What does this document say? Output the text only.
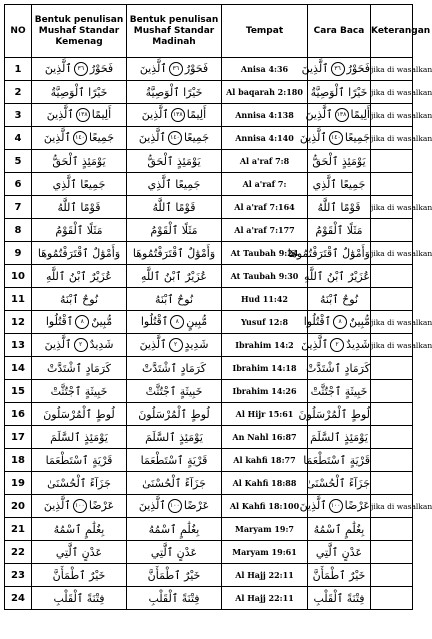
NO	Bentuk penulisan Mushaf Standar Kemenag	Bentuk penulisan Mushaf Standar Madinah	Tempat	Cara Baca	Keterangan
1	فَحَوْرُ٣٦ٱلَّذِينَ	فَحَوْرُ٣٦ٱلَّذِينَ	Anisa 4:36	فَحَوْرُ٣٦ٱلَّذِينَ	jika di wasalkan
2	خَيْرًا ٱلْوَصِيَّةُ	خَيْرًا ٱلْوَصِيَّةُ	Al baqarah 2:180	خَيْرًا ٱلْوَصِيَّةُ	jika di wasalkan
3	أَلِيمًا١٣٨ٱلَّذِينَ	أَلِيمًا١٣٨ٱلَّذِينَ	Annisa 4:138	أَلِيمًا١٣٨ٱلَّذِينَ	jika di wasalkan
4	جَمِيعًا١٤٠ٱلَّذِينَ	جَمِيعًا١٤٠ٱلَّذِينَ	Annisa 4:140	جَمِيعًا١٤٠ٱلَّذِينَ	jika di wasalkan
5	يَوْمَئِذٍ ٱلْحَقُّ	يَوْمَئِذٍ ٱلْحَقُّ	Al a'raf 7:8	يَوْمَئِذٍ ٱلْحَقُّ	
6	جَمِيعًا ٱلَّذِي	جَمِيعًا ٱلَّذِي	Al a'raf 7:	جَمِيعًا ٱلَّذِي	
7	قَوْمًا ٱللَّهُ	قَوْمًا ٱللَّهُ	Al a'raf 7:164	قَوْمًا ٱللَّهُ	jika di wasalkan
8	مَثَلًا ٱلْقَوْمُ	مَثَلًا ٱلْقَوْمُ	Al a'raf 7:177	مَثَلًا ٱلْقَوْمُ	
9	وَأَمْوَٰلٌ ٱقْتَرَفْتُمُوهَا	وَأَمْوَٰلٌ ٱقْتَرَفْتُمُوهَا	At Taubah 9:24	وَأَمْوَٰلٌ ٱقْتَرَفْتُمُوهَا	jika di wasalkan
10	عُزَيْرٌ ٱبْنُ ٱللَّهِ	عُزَيْرٌ ٱبْنُ ٱللَّهِ	At Taubah 9:30	عُزَيْرٌ ٱبْنُ ٱللَّهِ	
11	نُوحٌ ٱبْنَهُ	نُوحٌ ٱبْنَهُ	Hud 11:42	نُوحٌ ٱبْنَهُ	
12	مُّبِينٌ٨ٱقْتُلُوا	مُّبِينٍ٨ٱقْتُلُوا	Yusuf 12:8	مُّبِينٌ٨ٱقْتُلُوا	jika di wasalkan
13	شَدِيدٌ٢ٱلَّذِينَ	شَدِيدٍ٢ٱلَّذِينَ	Ibrahim 14:2	شَدِيدٌ٢ٱلَّذِينَ	jika di wasalkan
14	كَرَمَادٍ ٱشْتَدَّتْ	كَرَمَادٍ ٱشْتَدَّتْ	Ibrahim 14:18	كَرَمَادٍ ٱشْتَدَّتْ	
15	خَبِيثَةٍ ٱجْتُثَّتْ	خَبِيثَةٍ ٱجْتُثَّتْ	Ibrahim 14:26	خَبِيثَةٍ ٱجْتُثَّتْ	
16	لُوطٍ ٱلْمُرْسَلُونَ	لُوطٍ ٱلْمُرْسَلُونَ	Al Hijr 15:61	لُوطٍ ٱلْمُرْسَلُونَ	
17	يَوْمَئِذٍ ٱلسَّلَمَ	يَوْمَئِذٍ ٱلسَّلَمَ	An Nahl 16:87	يَوْمَئِذٍ ٱلسَّلَمَ	
18	قَرْيَةٍ ٱسْتَطْعَمَا	قَرْيَةٍ ٱسْتَطْعَمَا	Al kahfi 18:77	قَرْيَةٍ ٱسْتَطْعَمَا	
19	جَزَآءً ٱلْحُسْنَىٰ	جَزَآءً ٱلْحُسْنَىٰ	Al Kahfi 18:88	جَزَآءً ٱلْحُسْنَىٰ	
20	عَرْضًا١٠٠ٱلَّذِينَ	عَرْضًا١٠٠ٱلَّذِينَ	Al Kahfi 18:100	عَرْضًا١٠٠ٱلَّذِينَ	jika di wasalkan
21	بِغُلَٰمٍ ٱسْمُهُ	بِغُلَٰمٍ ٱسْمُهُ	Maryam 19:7	بِغُلَٰمٍ ٱسْمُهُ	
22	عَدْنٍ ٱلَّتِي	عَدْنٍ ٱلَّتِي	Maryam 19:61	عَدْنٍ ٱلَّتِي	
23	خَيْرٌ ٱطْمَأَنَّ	خَيْرٌ ٱطْمَأَنَّ	Al Hajj 22:11	خَيْرٌ ٱطْمَأَنَّ	
24	فِتْنَةً ٱلْقَلْبِ	فِتْنَةً ٱلْقَلْبِ	Al Hajj 22:11	فِتْنَةً ٱلْقَلْبِ	
